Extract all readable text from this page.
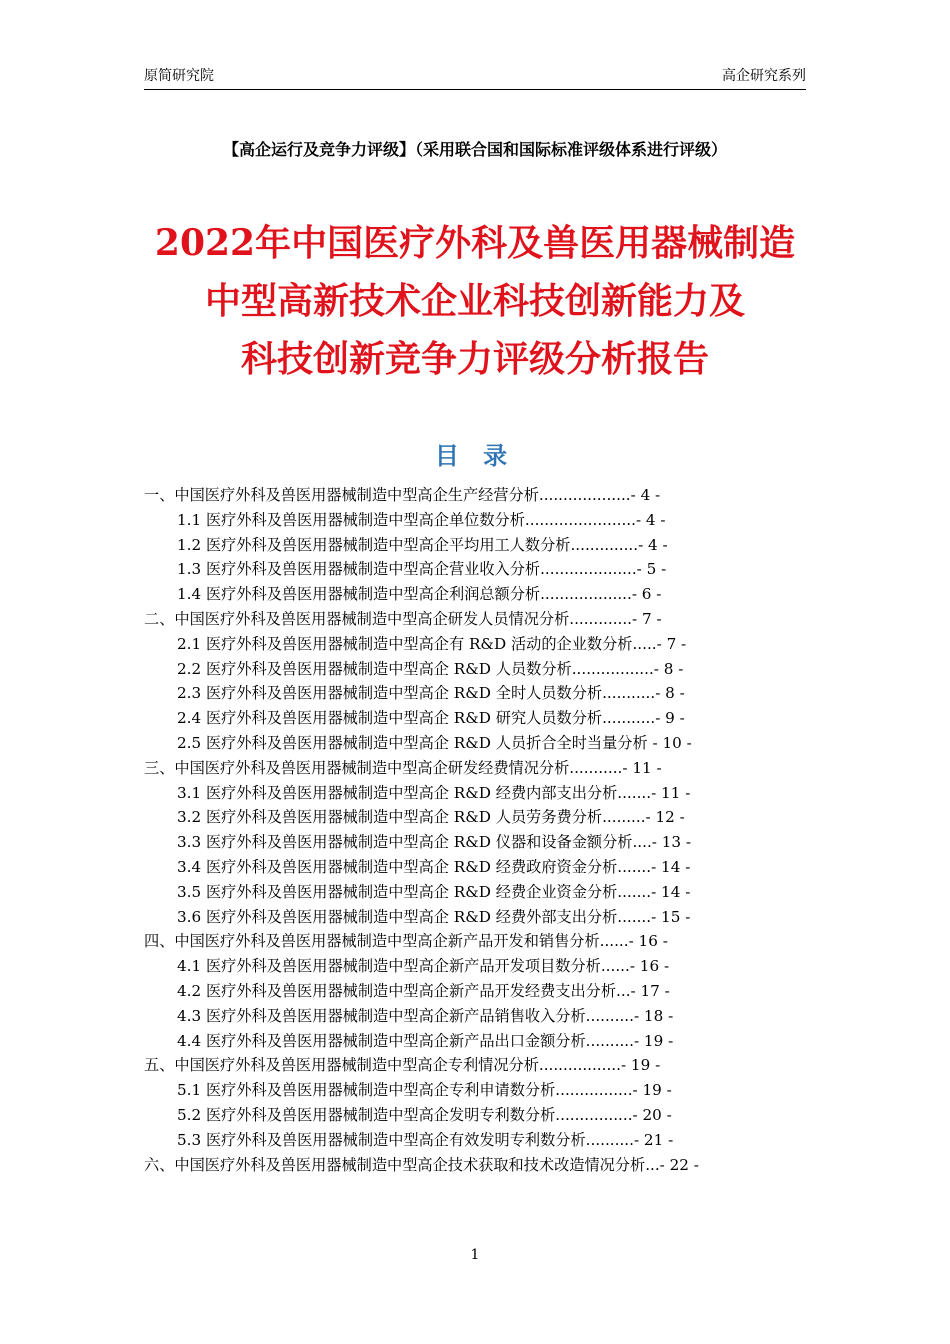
原简研究院	高企研究系列
【高企运行及竞争力评级】（采用联合国和国际标准评级体系进行评级）
2022年中国医疗外科及兽医用器械制造
中型高新技术企业科技创新能力及
科技创新竞争力评级分析报告
目 录
一、中国医疗外科及兽医用器械制造中型高企生产经营分析...................- 4 -
1.1 医疗外科及兽医用器械制造中型高企单位数分析.......................- 4 -
1.2 医疗外科及兽医用器械制造中型高企平均用工人数分析..............- 4 -
1.3 医疗外科及兽医用器械制造中型高企营业收入分析....................- 5 -
1.4 医疗外科及兽医用器械制造中型高企利润总额分析...................- 6 -
二、中国医疗外科及兽医用器械制造中型高企研发人员情况分析.............- 7 -
2.1 医疗外科及兽医用器械制造中型高企有 R&D 活动的企业数分析.....- 7 -
2.2 医疗外科及兽医用器械制造中型高企 R&D 人员数分析.................- 8 -
2.3 医疗外科及兽医用器械制造中型高企 R&D 全时人员数分析...........- 8 -
2.4 医疗外科及兽医用器械制造中型高企 R&D 研究人员数分析...........- 9 -
2.5 医疗外科及兽医用器械制造中型高企 R&D 人员折合全时当量分析 - 10 -
三、中国医疗外科及兽医用器械制造中型高企研发经费情况分析...........- 11 -
3.1 医疗外科及兽医用器械制造中型高企 R&D 经费内部支出分析.......- 11 -
3.2 医疗外科及兽医用器械制造中型高企 R&D 人员劳务费分析.........- 12 -
3.3 医疗外科及兽医用器械制造中型高企 R&D 仪器和设备金额分析....- 13 -
3.4 医疗外科及兽医用器械制造中型高企 R&D 经费政府资金分析.......- 14 -
3.5 医疗外科及兽医用器械制造中型高企 R&D 经费企业资金分析.......- 14 -
3.6 医疗外科及兽医用器械制造中型高企 R&D 经费外部支出分析.......- 15 -
四、中国医疗外科及兽医用器械制造中型高企新产品开发和销售分析......- 16 -
4.1 医疗外科及兽医用器械制造中型高企新产品开发项目数分析......- 16 -
4.2 医疗外科及兽医用器械制造中型高企新产品开发经费支出分析...- 17 -
4.3 医疗外科及兽医用器械制造中型高企新产品销售收入分析..........- 18 -
4.4 医疗外科及兽医用器械制造中型高企新产品出口金额分析..........- 19 -
五、中国医疗外科及兽医用器械制造中型高企专利情况分析.................- 19 -
5.1 医疗外科及兽医用器械制造中型高企专利申请数分析................- 19 -
5.2 医疗外科及兽医用器械制造中型高企发明专利数分析................- 20 -
5.3 医疗外科及兽医用器械制造中型高企有效发明专利数分析..........- 21 -
六、中国医疗外科及兽医用器械制造中型高企技术获取和技术改造情况分析...- 22 -
1
